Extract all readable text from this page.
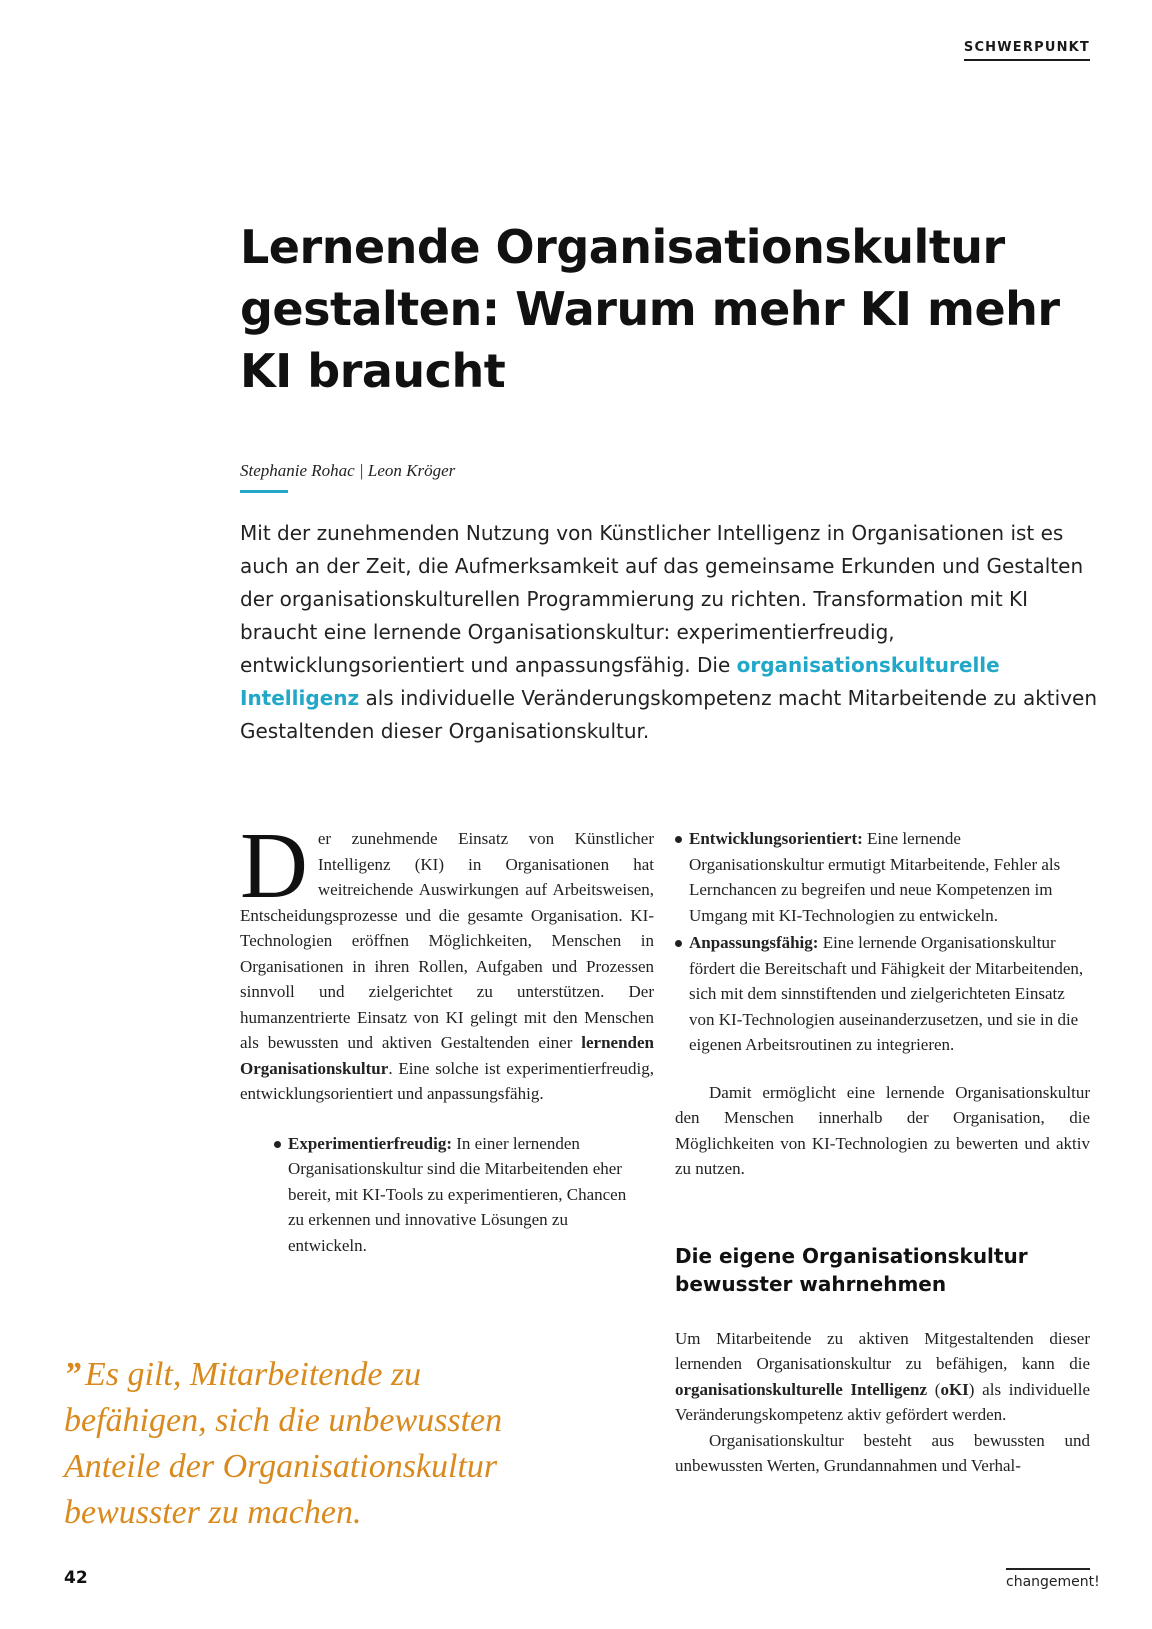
SCHWERPUNKT
Lernende Organisationskultur gestalten: Warum mehr KI mehr KI braucht
Stephanie Rohac | Leon Kröger

Mit der zunehmenden Nutzung von Künstlicher Intelligenz in Organisationen ist es auch an der Zeit, die Aufmerksamkeit auf das gemeinsame Erkunden und Gestalten der organisationskulturellen Programmierung zu richten. Transformation mit KI braucht eine lernende Organisationskultur: experimentierfreudig, entwicklungsorientiert und anpassungsfähig. Die organisationskulturelle Intelligenz als individuelle Veränderungskompetenz macht Mitarbeitende zu aktiven Gestaltenden dieser Organisationskultur.

Der zunehmende Einsatz von Künstlicher Intelligenz (KI) in Organisationen hat weitreichende Auswirkungen auf Arbeitsweisen, Entscheidungsprozesse und die gesamte Organisation. KI-Technologien eröffnen Möglichkeiten, Menschen in Organisationen in ihren Rollen, Aufgaben und Prozessen sinnvoll und zielgerichtet zu unterstützen. Der humanzentrierte Einsatz von KI gelingt mit den Menschen als bewussten und aktiven Gestaltenden einer lernenden Organisationskultur. Eine solche ist experimentierfreudig, entwicklungsorientiert und anpassungsfähig.

Experimentierfreudig: In einer lernenden Organisationskultur sind die Mitarbeitenden eher bereit, mit KI-Tools zu experimentieren, Chancen zu erkennen und innovative Lösungen zu entwickeln.
Entwicklungsorientiert: Eine lernende Organisationskultur ermutigt Mitarbeitende, Fehler als Lernchancen zu begreifen und neue Kompetenzen im Umgang mit KI-Technologien zu entwickeln.
Anpassungsfähig: Eine lernende Organisationskultur fördert die Bereitschaft und Fähigkeit der Mitarbeitenden, sich mit dem sinnstiftenden und zielgerichteten Einsatz von KI-Technologien auseinanderzusetzen, und sie in die eigenen Arbeitsroutinen zu integrieren.

Damit ermöglicht eine lernende Organisationskultur den Menschen innerhalb der Organisation, die Möglichkeiten von KI-Technologien zu bewerten und aktiv zu nutzen.

Die eigene Organisationskultur bewusster wahrnehmen

Um Mitarbeitende zu aktiven Mitgestaltenden dieser lernenden Organisationskultur zu befähigen, kann die organisationskulturelle Intelligenz (oKI) als individuelle Veränderungskompetenz aktiv gefördert werden.

Organisationskultur besteht aus bewussten und unbewussten Werten, Grundannahmen und Verhal-

” Es gilt, Mitarbeitende zu befähigen, sich die unbewussten Anteile der Organisationskultur bewusster zu machen.
42	changement!
